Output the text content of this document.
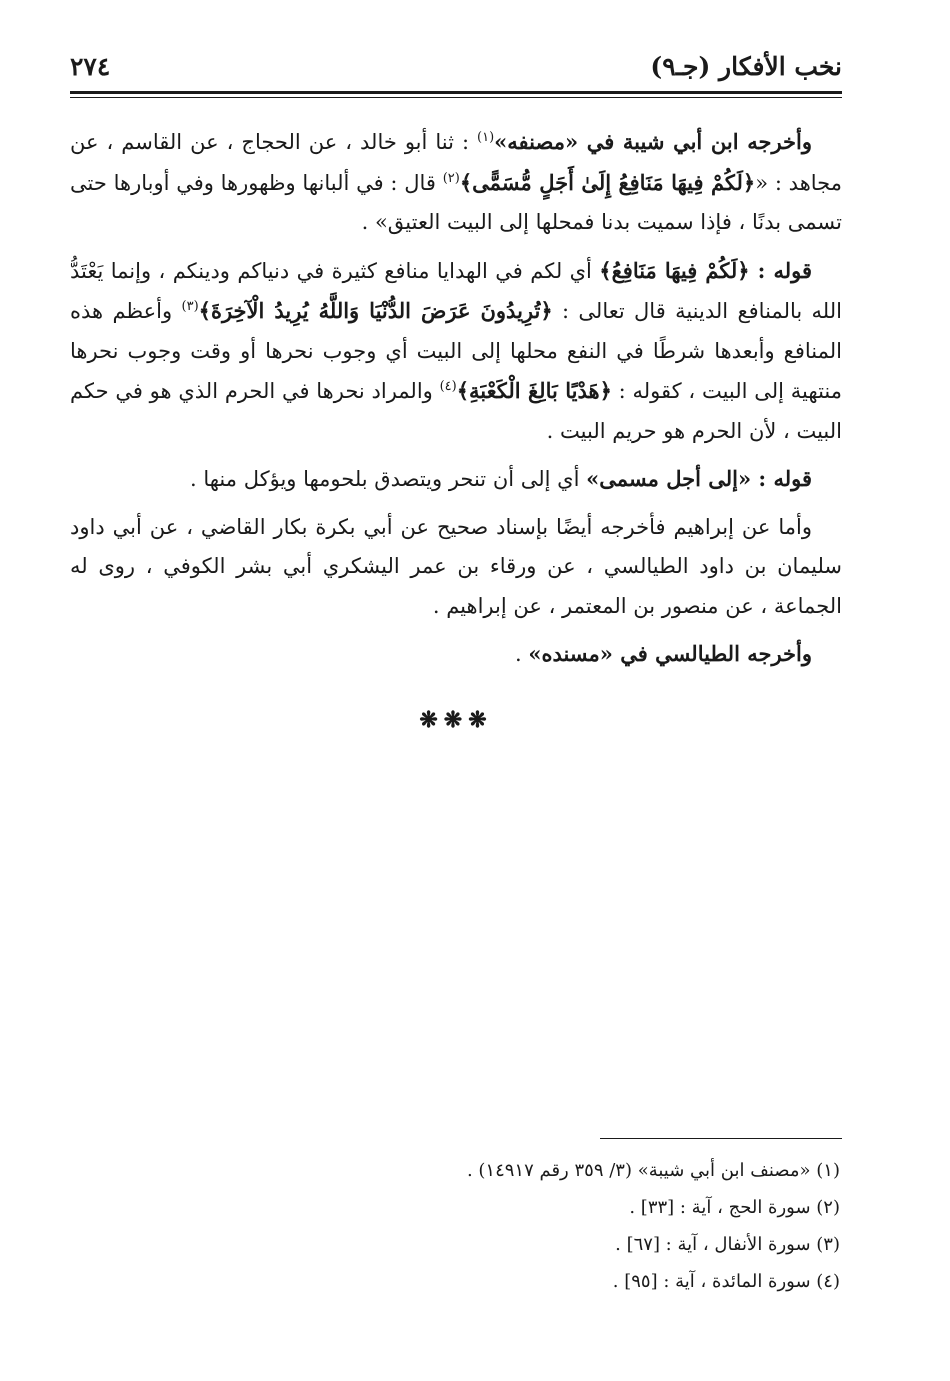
نخب الأفكار (جـ٩)
٢٧٤

وأخرجه ابن أبي شيبة في «مصنفه»$^{(١)}$ : ثنا أبو خالد ، عن الحجاج ، عن القاسم ، عن مجاهد : «﴿لَكُمْ فِيهَا مَنَافِعُ إِلَىٰ أَجَلٍ مُّسَمًّى﴾$^{(٢)}$ قال : في ألبانها وظهورها وفي أوبارها حتى تسمى بدنًا ، فإذا سميت بدنا فمحلها إلى البيت العتيق» .

قوله : ﴿لَكُمْ فِيهَا مَنَافِعُ﴾ أي لكم في الهدايا منافع كثيرة في دنياكم ودينكم ، وإنما يَعْتَدُّ الله بالمنافع الدينية قال تعالى : ﴿تُرِيدُونَ عَرَضَ الدُّنْيَا وَاللَّهُ يُرِيدُ الْآخِرَةَ﴾$^{(٣)}$ وأعظم هذه المنافع وأبعدها شرطًا في النفع محلها إلى البيت أي وجوب نحرها أو وقت وجوب نحرها منتهية إلى البيت ، كقوله : ﴿هَدْيًا بَالِغَ الْكَعْبَةِ﴾$^{(٤)}$ والمراد نحرها في الحرم الذي هو في حكم البيت ، لأن الحرم هو حريم البيت .

قوله : «إلى أجل مسمى» أي إلى أن تنحر ويتصدق بلحومها ويؤكل منها .

وأما عن إبراهيم فأخرجه أيضًا بإسناد صحيح عن أبي بكرة بكار القاضي ، عن أبي داود سليمان بن داود الطيالسي ، عن ورقاء بن عمر اليشكري أبي بشر الكوفي ، روى له الجماعة ، عن منصور بن المعتمر ، عن إبراهيم .

وأخرجه الطيالسي في «مسنده» .

❋❋❋

(١) «مصنف ابن أبي شيبة» (٣/ ٣٥٩ رقم ١٤٩١٧) .

(٢) سورة الحج ، آية : [٣٣] .

(٣) سورة الأنفال ، آية : [٦٧] .

(٤) سورة المائدة ، آية : [٩٥] .
